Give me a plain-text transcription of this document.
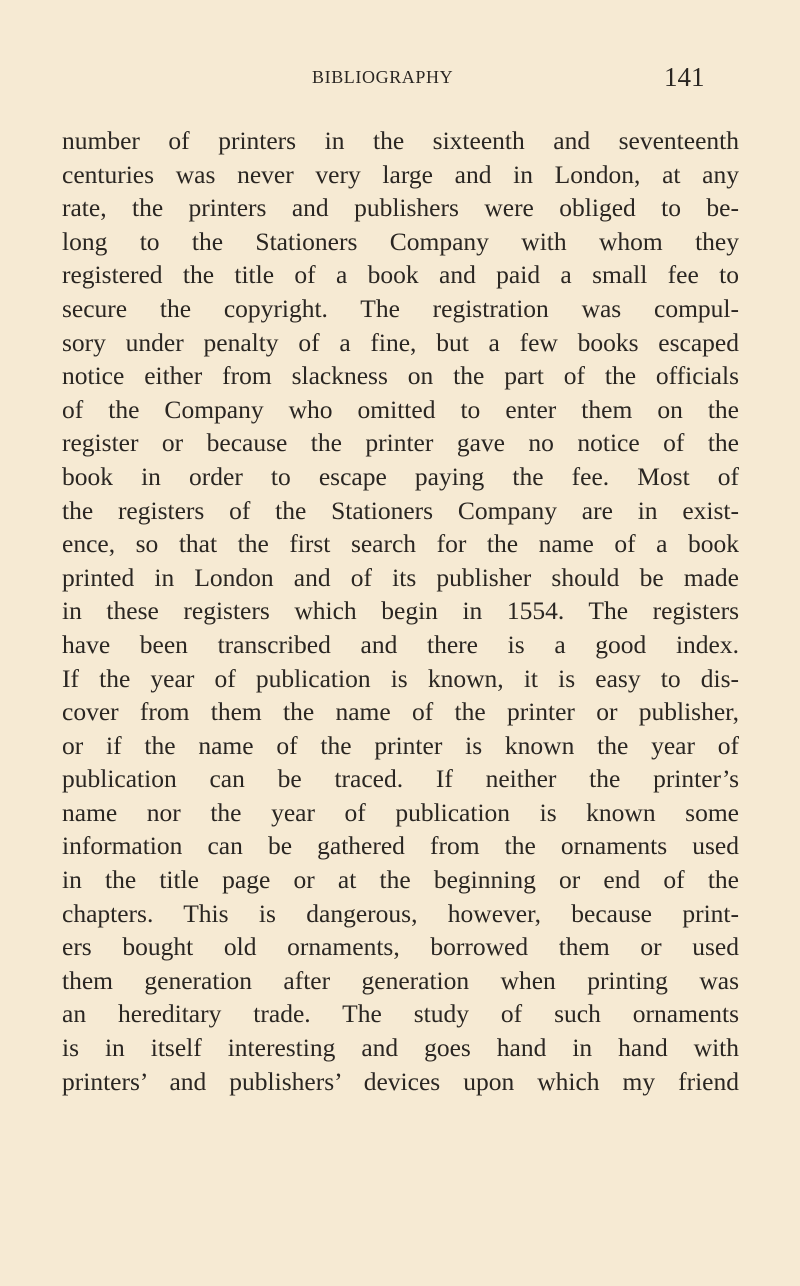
BIBLIOGRAPHY	141
number of printers in the sixteenth and seventeenth
centuries was never very large and in London, at any
rate, the printers and publishers were obliged to be-
long to the Stationers Company with whom they
registered the title of a book and paid a small fee to
secure the copyright. The registration was compul-
sory under penalty of a fine, but a few books escaped
notice either from slackness on the part of the officials
of the Company who omitted to enter them on the
register or because the printer gave no notice of the
book in order to escape paying the fee. Most of
the registers of the Stationers Company are in exist-
ence, so that the first search for the name of a book
printed in London and of its publisher should be made
in these registers which begin in 1554. The registers
have been transcribed and there is a good index.
If the year of publication is known, it is easy to dis-
cover from them the name of the printer or publisher,
or if the name of the printer is known the year of
publication can be traced. If neither the printer’s
name nor the year of publication is known some
information can be gathered from the ornaments used
in the title page or at the beginning or end of the
chapters. This is dangerous, however, because print-
ers bought old ornaments, borrowed them or used
them generation after generation when printing was
an hereditary trade. The study of such ornaments
is in itself interesting and goes hand in hand with
printers’ and publishers’ devices upon which my friend
